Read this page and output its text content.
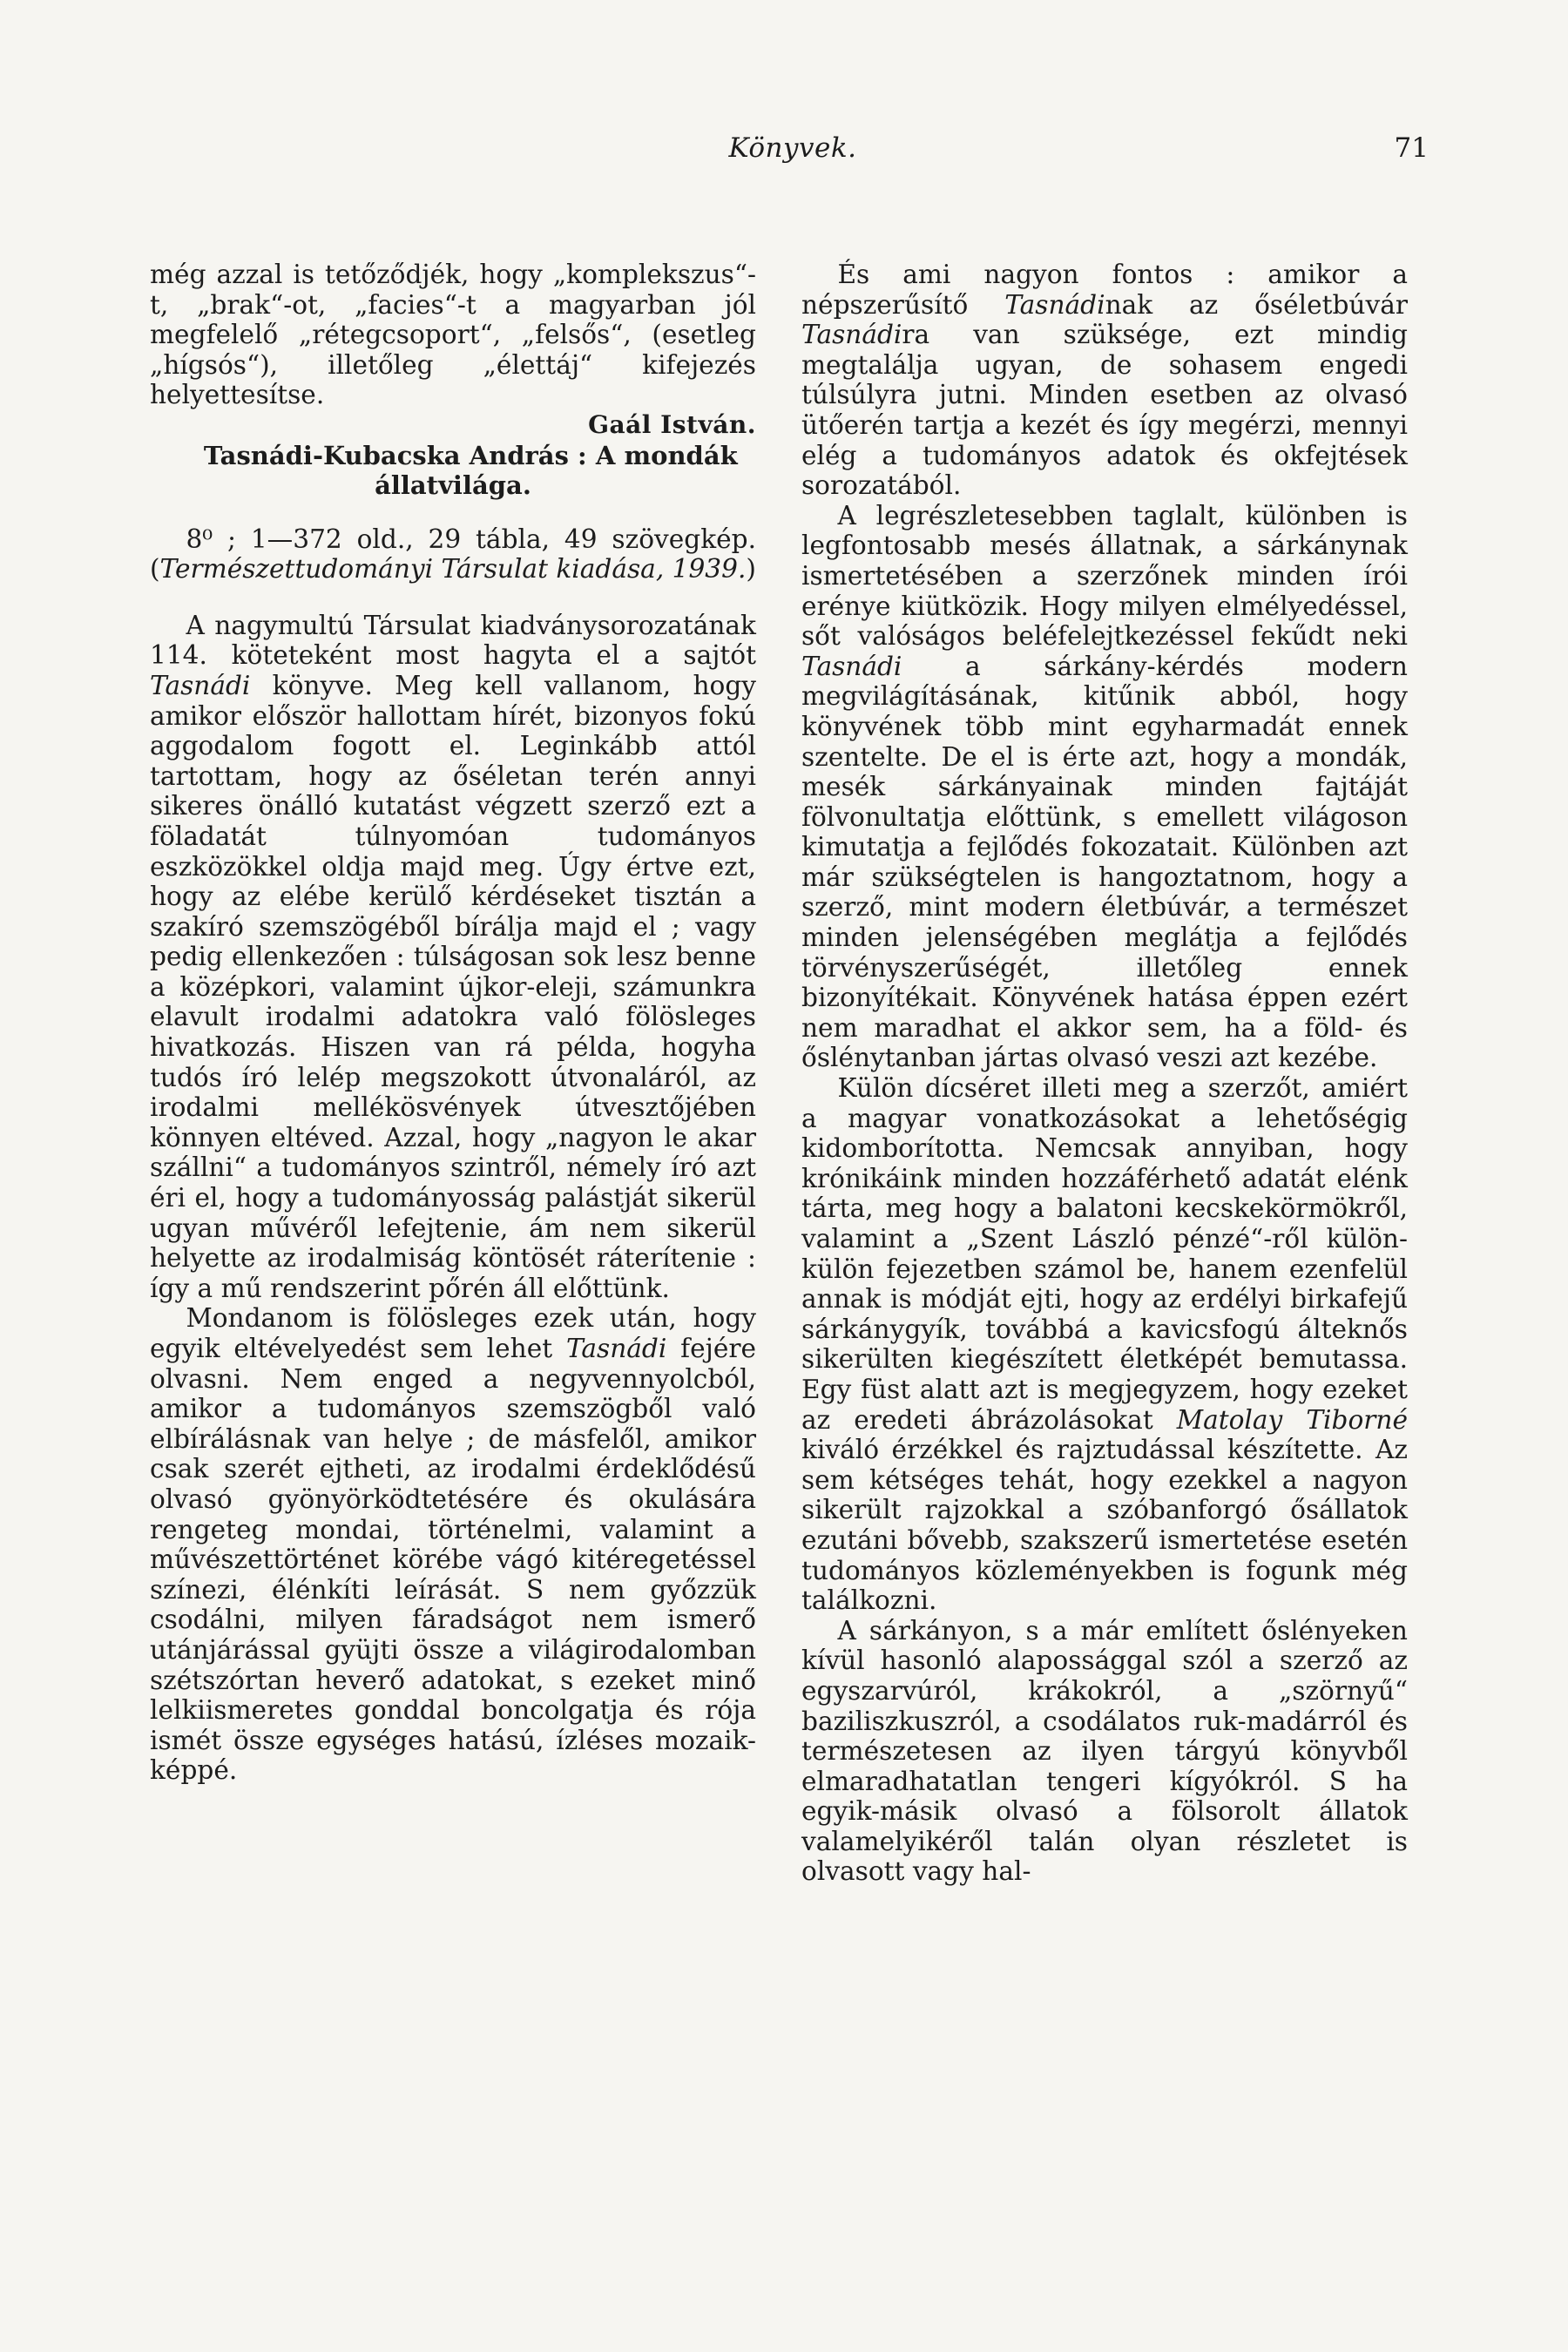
Könyvek.	71

még azzal is tetőződjék, hogy „komplekszus“-t, „brak“-ot, „facies“-t a magyarban jól megfelelő „rétegcsoport“, „felsős“, (esetleg „hígsós“), illetőleg „élettáj“ kifejezés helyettesítse.

Gaál István.

Tasnádi-Kubacska András : A mondák állatvilága.

8⁰ ; 1—372 old., 29 tábla, 49 szövegkép. (Természettudományi Társulat kiadása, 1939.)

A nagymultú Társulat kiadványsorozatának 114. köteteként most hagyta el a sajtót Tasnádi könyve. Meg kell vallanom, hogy amikor először hallottam hírét, bizonyos fokú aggodalom fogott el. Leginkább attól tartottam, hogy az őséletan terén annyi sikeres önálló kutatást végzett szerző ezt a föladatát túlnyomóan tudományos eszközökkel oldja majd meg. Úgy értve ezt, hogy az elébe kerülő kérdéseket tisztán a szakíró szemszögéből bírálja majd el ; vagy pedig ellenkezően : túlságosan sok lesz benne a középkori, valamint újkor-eleji, számunkra elavult irodalmi adatokra való fölösleges hivatkozás. Hiszen van rá példa, hogyha tudós író lelép megszokott útvonaláról, az irodalmi mellékösvények útvesztőjében könnyen eltéved. Azzal, hogy „nagyon le akar szállni“ a tudományos szintről, némely író azt éri el, hogy a tudományosság palástját sikerül ugyan művéről lefejtenie, ám nem sikerül helyette az irodalmiság köntösét ráterítenie : így a mű rendszerint pőrén áll előttünk.

Mondanom is fölösleges ezek után, hogy egyik eltévelyedést sem lehet Tasnádi fejére olvasni. Nem enged a negyvennyolcból, amikor a tudományos szemszögből való elbírálásnak van helye ; de másfelől, amikor csak szerét ejtheti, az irodalmi érdeklődésű olvasó gyönyörködtetésére és okulására rengeteg mondai, történelmi, valamint a művészettörténet körébe vágó kitéregetéssel színezi, élénkíti leírását. S nem győzzük csodálni, milyen fáradságot nem ismerő utánjárással gyüjti össze a világirodalomban szétszórtan heverő adatokat, s ezeket minő lelkiismeretes gonddal boncolgatja és rója ismét össze egységes hatású, ízléses mozaik-képpé.

És ami nagyon fontos : amikor a népszerűsítő Tasnádinak az őséletbúvár Tasnádira van szüksége, ezt mindig megtalálja ugyan, de sohasem engedi túlsúlyra jutni. Minden esetben az olvasó ütőerén tartja a kezét és így megérzi, mennyi elég a tudományos adatok és okfejtések sorozatából.

A legrészletesebben taglalt, különben is legfontosabb mesés állatnak, a sárkánynak ismertetésében a szerzőnek minden írói erénye kiütközik. Hogy milyen elmélyedéssel, sőt valóságos beléfelejtkezéssel fekűdt neki Tasnádi a sárkány-kérdés modern megvilágításának, kitűnik abból, hogy könyvének több mint egyharmadát ennek szentelte. De el is érte azt, hogy a mondák, mesék sárkányainak minden fajtáját fölvonultatja előttünk, s emellett világoson kimutatja a fejlődés fokozatait. Különben azt már szükségtelen is hangoztatnom, hogy a szerző, mint modern életbúvár, a természet minden jelenségében meglátja a fejlődés törvényszerűségét, illetőleg ennek bizonyítékait. Könyvének hatása éppen ezért nem maradhat el akkor sem, ha a föld- és őslénytanban jártas olvasó veszi azt kezébe.

Külön dícséret illeti meg a szerzőt, amiért a magyar vonatkozásokat a lehetőségig kidomborította. Nemcsak annyiban, hogy krónikáink minden hozzáférhető adatát elénk tárta, meg hogy a balatoni kecskekörmökről, valamint a „Szent László pénzé“-ről külön-külön fejezetben számol be, hanem ezenfelül annak is módját ejti, hogy az erdélyi birkafejű sárkánygyík, továbbá a kavicsfogú álteknős sikerülten kiegészített életképét bemutassa. Egy füst alatt azt is megjegyzem, hogy ezeket az eredeti ábrázolásokat Matolay Tiborné kiváló érzékkel és rajztudással készítette. Az sem kétséges tehát, hogy ezekkel a nagyon sikerült rajzokkal a szóbanforgó ősállatok ezutáni bővebb, szakszerű ismertetése esetén tudományos közleményekben is fogunk még találkozni.

A sárkányon, s a már említett őslényeken kívül hasonló alapossággal szól a szerző az egyszarvúról, krákokról, a „szörnyű“ baziliszkuszról, a csodálatos ruk-madárról és természetesen az ilyen tárgyú könyvből elmaradhatatlan tengeri kígyókról. S ha egyik-másik olvasó a fölsorolt állatok valamelyikéről talán olyan részletet is olvasott vagy hal-
